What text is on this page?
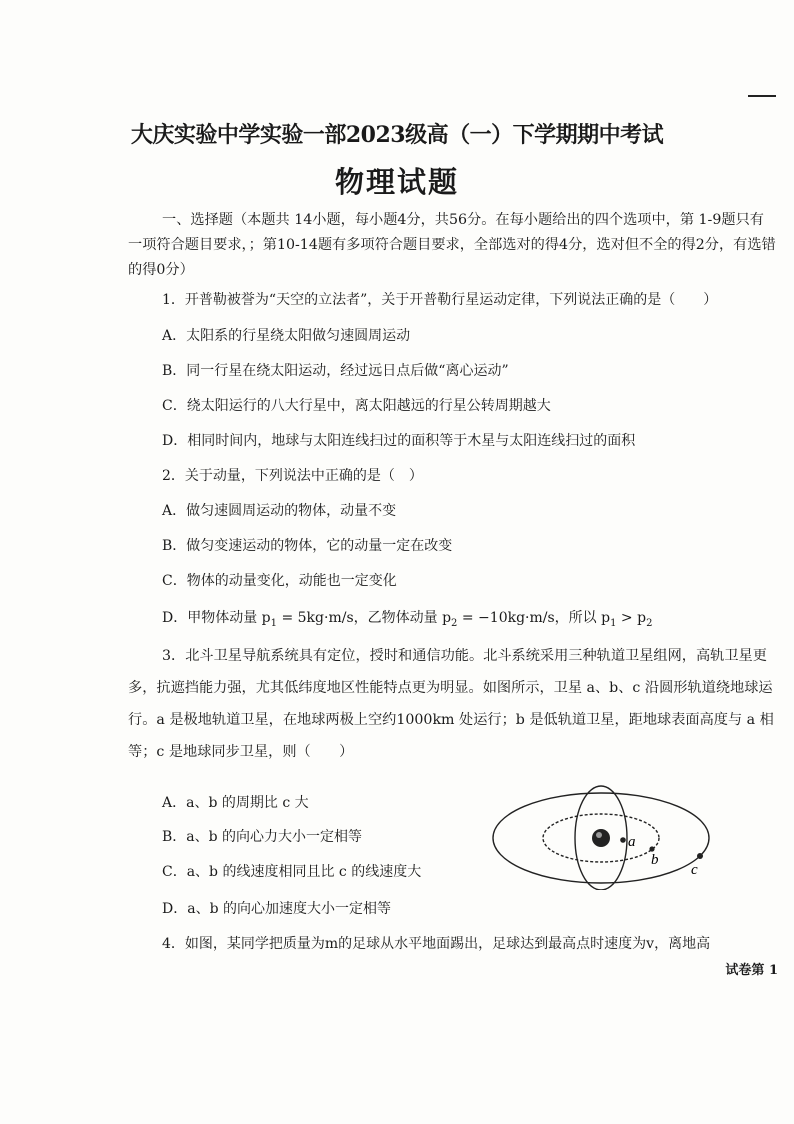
大庆实验中学实验一部2023级高（一）下学期期中考试
物理试题
一、选择题（本题共 14小题，每小题4分，共56分。在每小题给出的四个选项中，第 1-9题只有一项符合题目要求，；第10-14题有多项符合题目要求，全部选对的得4分，选对但不全的得2分，有选错的得0分）
1．开普勒被誉为“天空的立法者”，关于开普勒行星运动定律，下列说法正确的是（　　）
A．太阳系的行星绕太阳做匀速圆周运动
B．同一行星在绕太阳运动，经过远日点后做“离心运动”
C．绕太阳运行的八大行星中，离太阳越远的行星公转周期越大
D．相同时间内，地球与太阳连线扫过的面积等于木星与太阳连线扫过的面积
2．关于动量，下列说法中正确的是（　）
A．做匀速圆周运动的物体，动量不变
B．做匀变速运动的物体，它的动量一定在改变
C．物体的动量变化，动能也一定变化
D．甲物体动量 $p_1 = 5kg\cdot m/s$，乙物体动量 $p_2 = -10kg\cdot m/s$，所以 $p_1 > p_2$
3．北斗卫星导航系统具有定位，授时和通信功能。北斗系统采用三种轨道卫星组网，高轨卫星更多，抗遮挡能力强，尤其低纬度地区性能特点更为明显。如图所示，卫星 a、b、c 沿圆形轨道绕地球运行。a 是极地轨道卫星，在地球两极上空约1000km 处运行；b 是低轨道卫星，距地球表面高度与 a 相等；c 是地球同步卫星，则（　　）
A．a、b 的周期比 c 大
B．a、b 的向心力大小一定相等
C．a、b 的线速度相同且比 c 的线速度大
D．a、b 的向心加速度大小一定相等
a
b
c
4．如图，某同学把质量为m的足球从水平地面踢出，足球达到最高点时速度为v，离地高
试卷第 1
